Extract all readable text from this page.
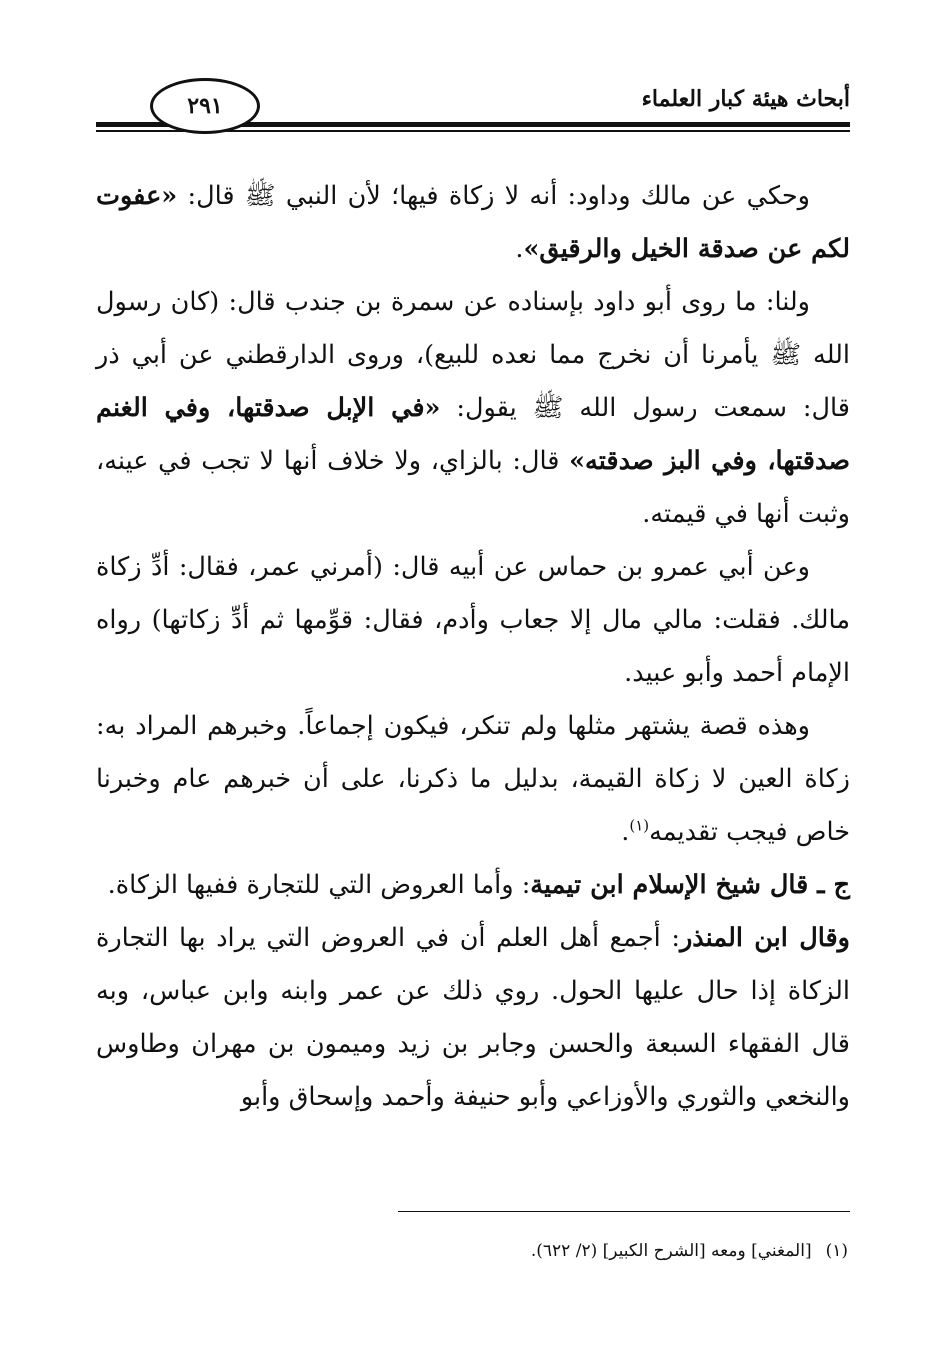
أبحاث هيئة كبار العلماء
٢٩١

وحكي عن مالك وداود: أنه لا زكاة فيها؛ لأن النبي ﷺ قال: «عفوت لكم عن صدقة الخيل والرقيق».

ولنا: ما روى أبو داود بإسناده عن سمرة بن جندب قال: (كان رسول الله ﷺ يأمرنا أن نخرج مما نعده للبيع)، وروى الدارقطني عن أبي ذر قال: سمعت رسول الله ﷺ يقول: «في الإبل صدقتها، وفي الغنم صدقتها، وفي البز صدقته» قال: بالزاي، ولا خلاف أنها لا تجب في عينه، وثبت أنها في قيمته.

وعن أبي عمرو بن حماس عن أبيه قال: (أمرني عمر، فقال: أدِّ زكاة مالك. فقلت: مالي مال إلا جعاب وأدم، فقال: قوِّمها ثم أدِّ زكاتها) رواه الإمام أحمد وأبو عبيد.

وهذه قصة يشتهر مثلها ولم تنكر، فيكون إجماعاً. وخبرهم المراد به: زكاة العين لا زكاة القيمة، بدليل ما ذكرنا، على أن خبرهم عام وخبرنا خاص فيجب تقديمه$^{(١)}$.

ج ـ قال شيخ الإسلام ابن تيمية: وأما العروض التي للتجارة ففيها الزكاة.

وقال ابن المنذر: أجمع أهل العلم أن في العروض التي يراد بها التجارة الزكاة إذا حال عليها الحول. روي ذلك عن عمر وابنه وابن عباس، وبه قال الفقهاء السبعة والحسن وجابر بن زيد وميمون بن مهران وطاوس والنخعي والثوري والأوزاعي وأبو حنيفة وأحمد وإسحاق وأبو

(١)[المغني] ومعه [الشرح الكبير] (٢/ ٦٢٢).
